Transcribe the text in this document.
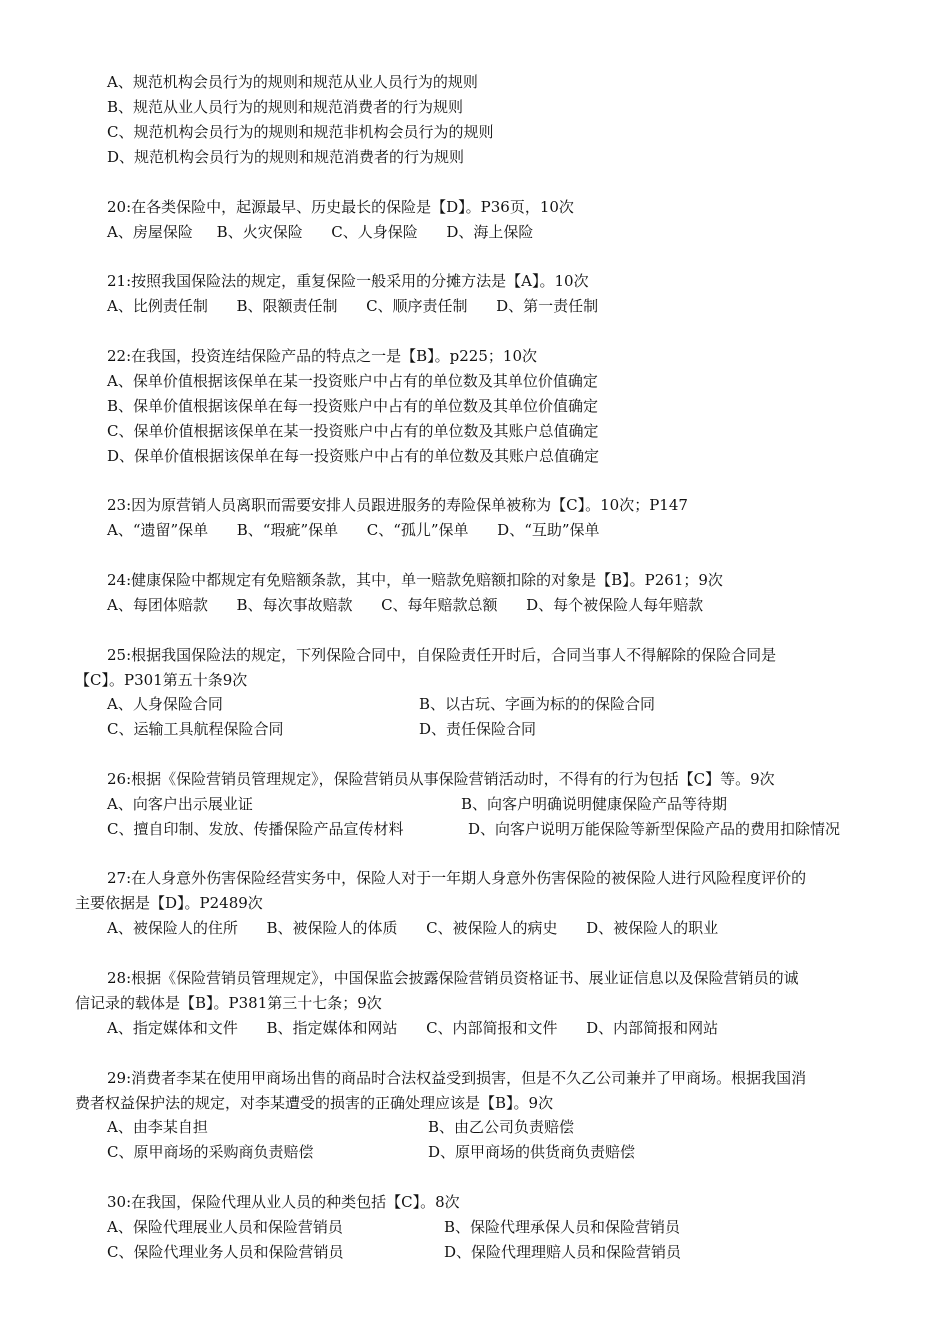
A、规范机构会员行为的规则和规范从业人员行为的规则
B、规范从业人员行为的规则和规范消费者的行为规则
C、规范机构会员行为的规则和规范非机构会员行为的规则
D、规范机构会员行为的规则和规范消费者的行为规则
20:在各类保险中，起源最早、历史最长的保险是【D】。P36页，10次
A、房屋保险     B、火灾保险      C、人身保险      D、海上保险
21:按照我国保险法的规定，重复保险一般采用的分摊方法是【A】。10次
A、比例责任制      B、限额责任制      C、顺序责任制      D、第一责任制
22:在我国，投资连结保险产品的特点之一是【B】。p225；10次
A、保单价值根据该保单在某一投资账户中占有的单位数及其单位价值确定
B、保单价值根据该保单在每一投资账户中占有的单位数及其单位价值确定
C、保单价值根据该保单在某一投资账户中占有的单位数及其账户总值确定
D、保单价值根据该保单在每一投资账户中占有的单位数及其账户总值确定
23:因为原营销人员离职而需要安排人员跟进服务的寿险保单被称为【C】。10次；P147
A、“遗留”保单      B、“瑕疵”保单      C、“孤儿”保单      D、“互助”保单
24:健康保险中都规定有免赔额条款，其中，单一赔款免赔额扣除的对象是【B】。P261；9次
A、每团体赔款      B、每次事故赔款      C、每年赔款总额      D、每个被保险人每年赔款
25:根据我国保险法的规定，下列保险合同中，自保险责任开时后，合同当事人不得解除的保险合同是
【C】。P301第五十条9次
A、人身保险合同	B、以古玩、字画为标的的保险合同
C、运输工具航程保险合同	D、责任保险合同
26:根据《保险营销员管理规定》，保险营销员从事保险营销活动时，不得有的行为包括【C】等。9次
A、向客户出示展业证	B、向客户明确说明健康保险产品等待期
C、擅自印制、发放、传播保险产品宣传材料	D、向客户说明万能保险等新型保险产品的费用扣除情况
27:在人身意外伤害保险经营实务中，保险人对于一年期人身意外伤害保险的被保险人进行风险程度评价的
主要依据是【D】。P2489次
A、被保险人的住所      B、被保险人的体质      C、被保险人的病史      D、被保险人的职业
28:根据《保险营销员管理规定》，中国保监会披露保险营销员资格证书、展业证信息以及保险营销员的诚
信记录的载体是【B】。P381第三十七条；9次
A、指定媒体和文件      B、指定媒体和网站      C、内部简报和文件      D、内部简报和网站
29:消费者李某在使用甲商场出售的商品时合法权益受到损害，但是不久乙公司兼并了甲商场。根据我国消
费者权益保护法的规定，对李某遭受的损害的正确处理应该是【B】。9次
A、由李某自担	B、由乙公司负责赔偿
C、原甲商场的采购商负责赔偿	D、原甲商场的供货商负责赔偿
30:在我国，保险代理从业人员的种类包括【C】。8次
A、保险代理展业人员和保险营销员	B、保险代理承保人员和保险营销员
C、保险代理业务人员和保险营销员	D、保险代理理赔人员和保险营销员
